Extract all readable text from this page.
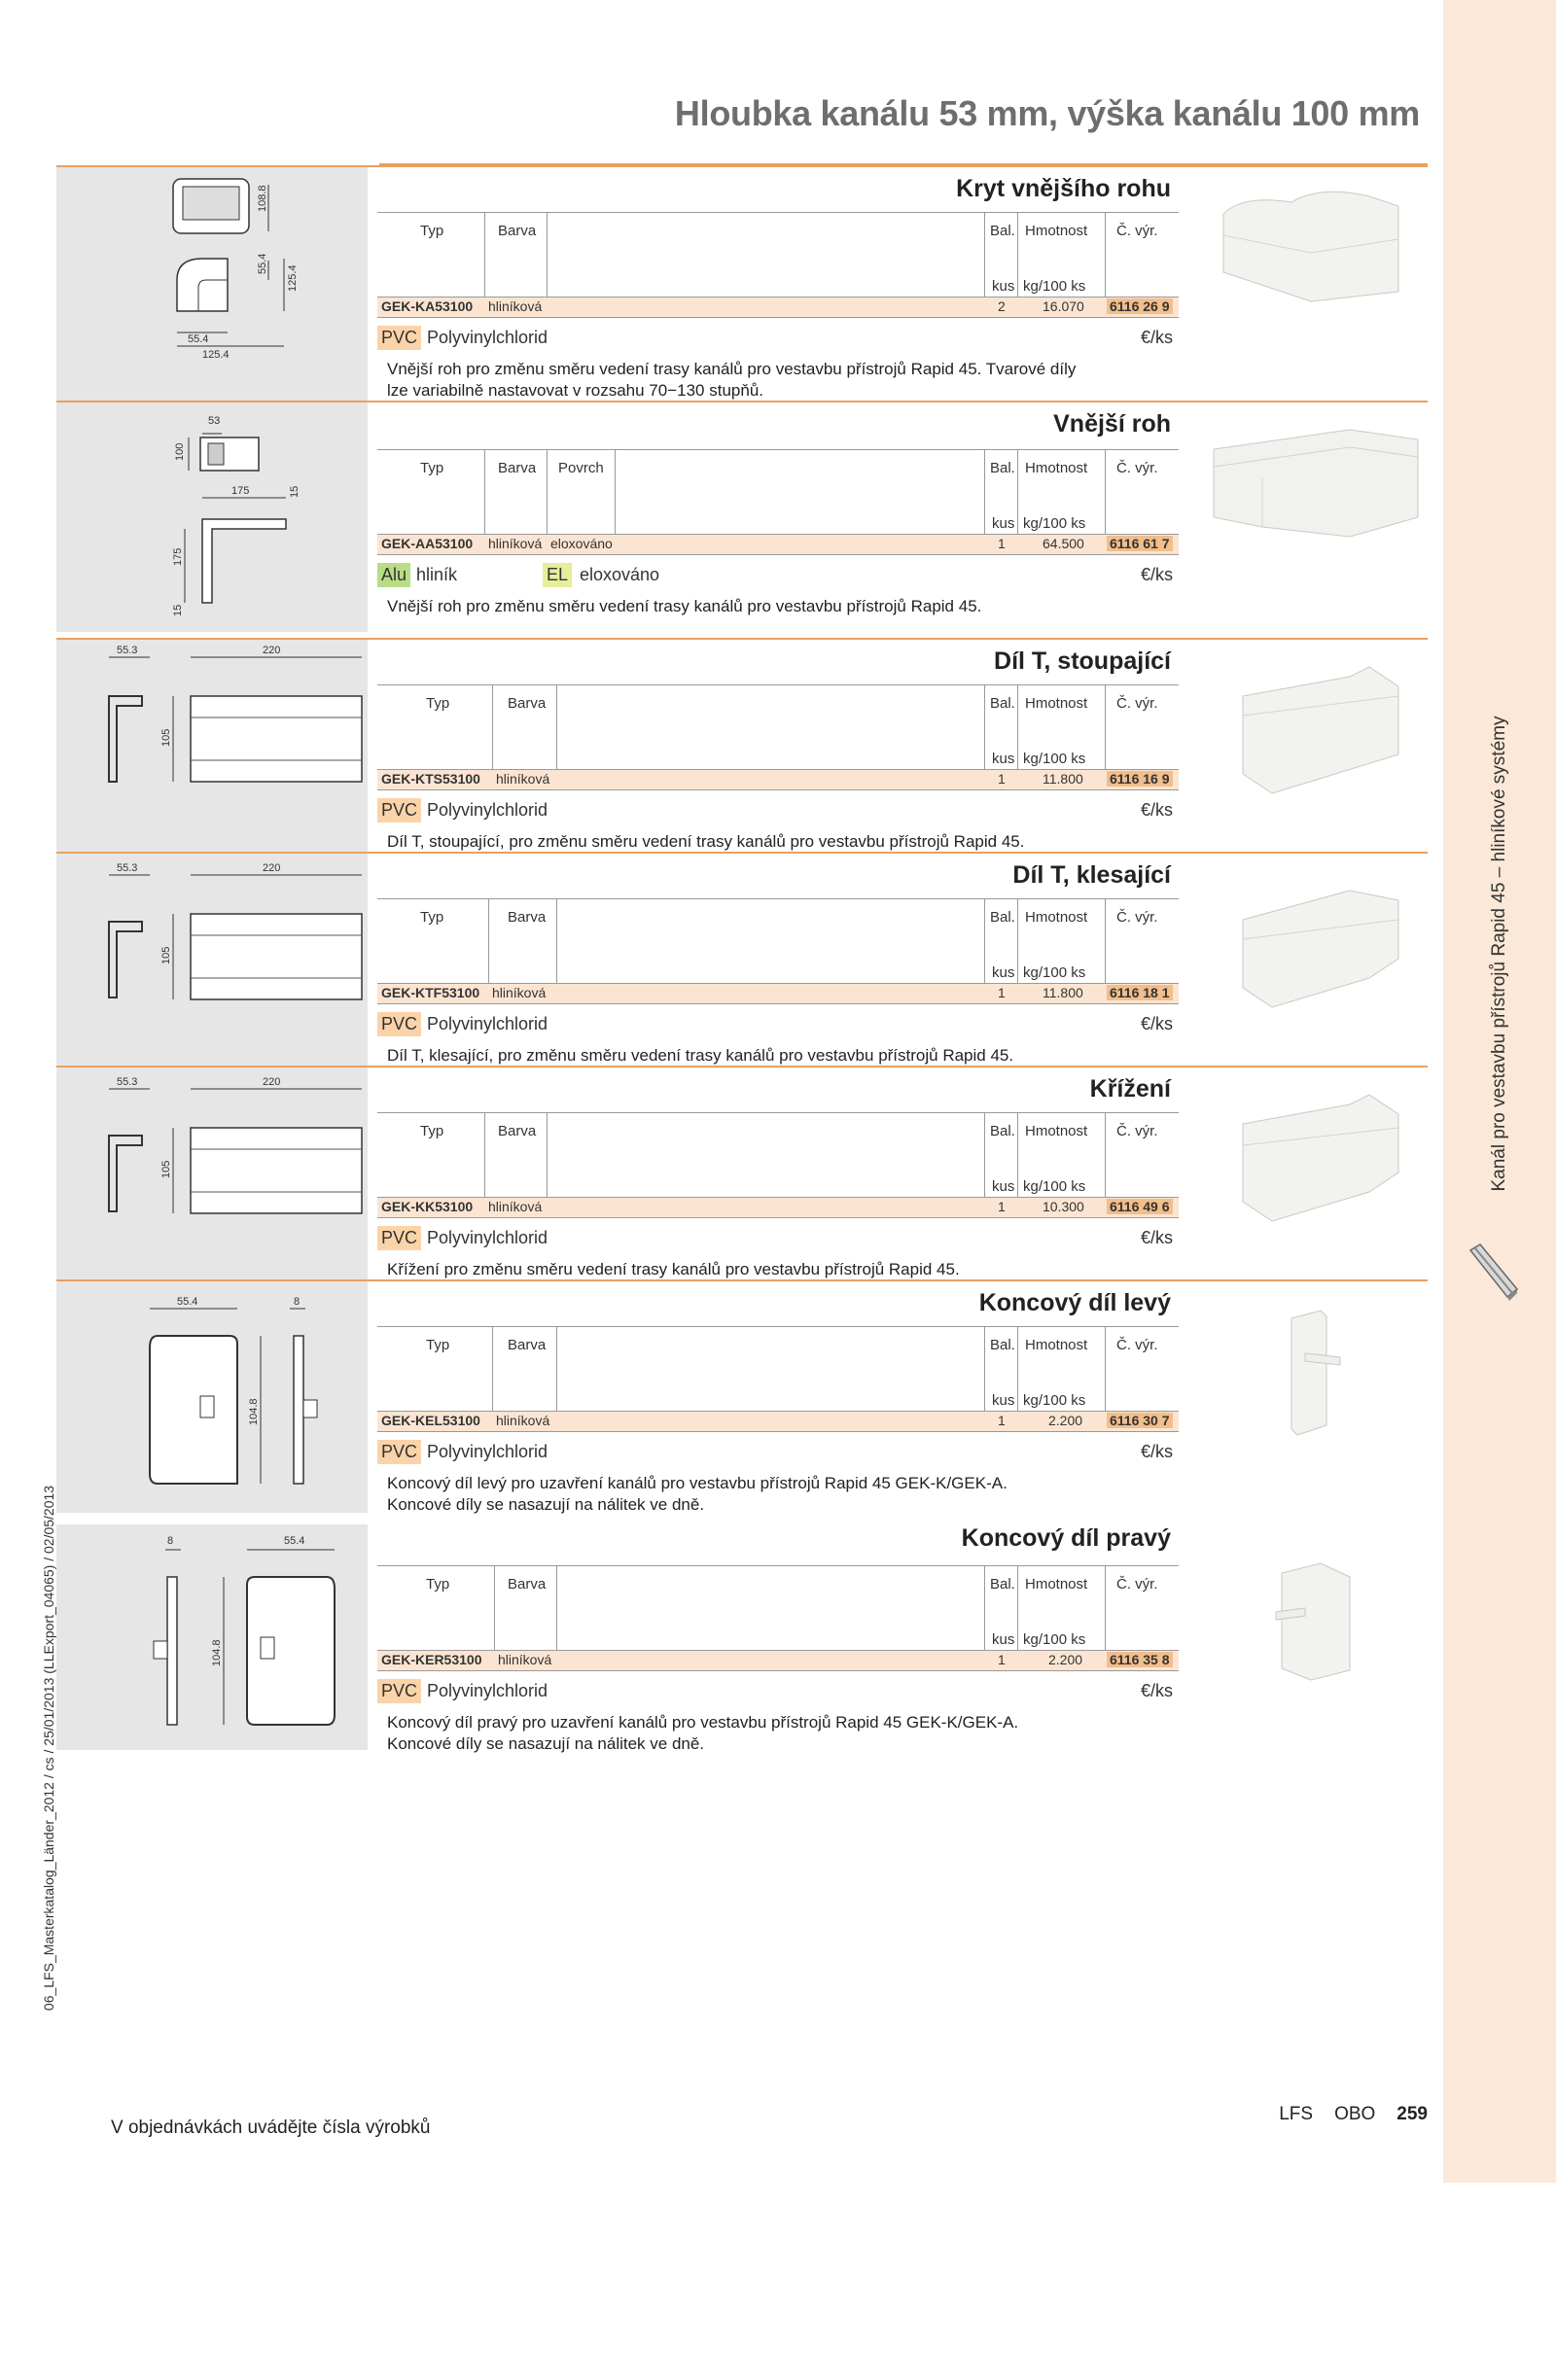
Kanál pro vestavbu přístrojů Rapid 45 – hliníkové systémy
Hloubka kanálu 53 mm, výška kanálu 100 mm
06_LFS_Masterkatalog_Länder_2012 / cs / 25/01/2013 (LLExport_04065) / 02/05/2013
108.8
55.4
125.4
55.4
125.4
Kryt vnějšího rohu
Typ	Barva	Bal. Hmotnost Č. výr.
kus kg/100 ks
GEK-KA53100 hliníková	2	16.070 6116 26 9
PVC Polyvinylchlorid	€/ks
Vnější roh pro změnu směru vedení trasy kanálů pro vestavbu přístrojů Rapid 45. Tvarové díly
lze variabilně nastavovat v rozsahu 70−130 stupňů.
53
100
175	15
175
15
Vnější roh
Typ	Barva Povrch	Bal. Hmotnost Č. výr.
kus kg/100 ks
GEK-AA53100 hliníková eloxováno	1	64.500 6116 61 7
Alu hliník	EL eloxováno	€/ks
Vnější roh pro změnu směru vedení trasy kanálů pro vestavbu přístrojů Rapid 45.
55.3	220
105
Díl T, stoupající
Typ	Barva	Bal. Hmotnost Č. výr.
kus kg/100 ks
GEK-KTS53100 hliníková	1	11.800 6116 16 9
PVC Polyvinylchlorid	€/ks
Díl T, stoupající, pro změnu směru vedení trasy kanálů pro vestavbu přístrojů Rapid 45.
55.3	220
105
Díl T, klesající
Typ	Barva	Bal. Hmotnost Č. výr.
kus kg/100 ks
GEK-KTF53100 hliníková	1	11.800 6116 18 1
PVC Polyvinylchlorid	€/ks
Díl T, klesající, pro změnu směru vedení trasy kanálů pro vestavbu přístrojů Rapid 45.
55.3	220
105
Křížení
Typ	Barva	Bal. Hmotnost Č. výr.
kus kg/100 ks
GEK-KK53100 hliníková	1	10.300 6116 49 6
PVC Polyvinylchlorid	€/ks
Křížení pro změnu směru vedení trasy kanálů pro vestavbu přístrojů Rapid 45.
55.4	8
104.8
Koncový díl levý
Typ	Barva	Bal. Hmotnost Č. výr.
kus kg/100 ks
GEK-KEL53100 hliníková	1	2.200 6116 30 7
PVC Polyvinylchlorid	€/ks
Koncový díl levý pro uzavření kanálů pro vestavbu přístrojů Rapid 45 GEK-K/GEK-A.
Koncové díly se nasazují na nálitek ve dně.
8	55.4
104.8
Koncový díl pravý
Typ	Barva	Bal. Hmotnost Č. výr.
kus kg/100 ks
GEK-KER53100 hliníková	1	2.200 6116 35 8
PVC Polyvinylchlorid	€/ks
Koncový díl pravý pro uzavření kanálů pro vestavbu přístrojů Rapid 45 GEK-K/GEK-A.
Koncové díly se nasazují na nálitek ve dně.
V objednávkách uvádějte čísla výrobků
LFS OBO 259
